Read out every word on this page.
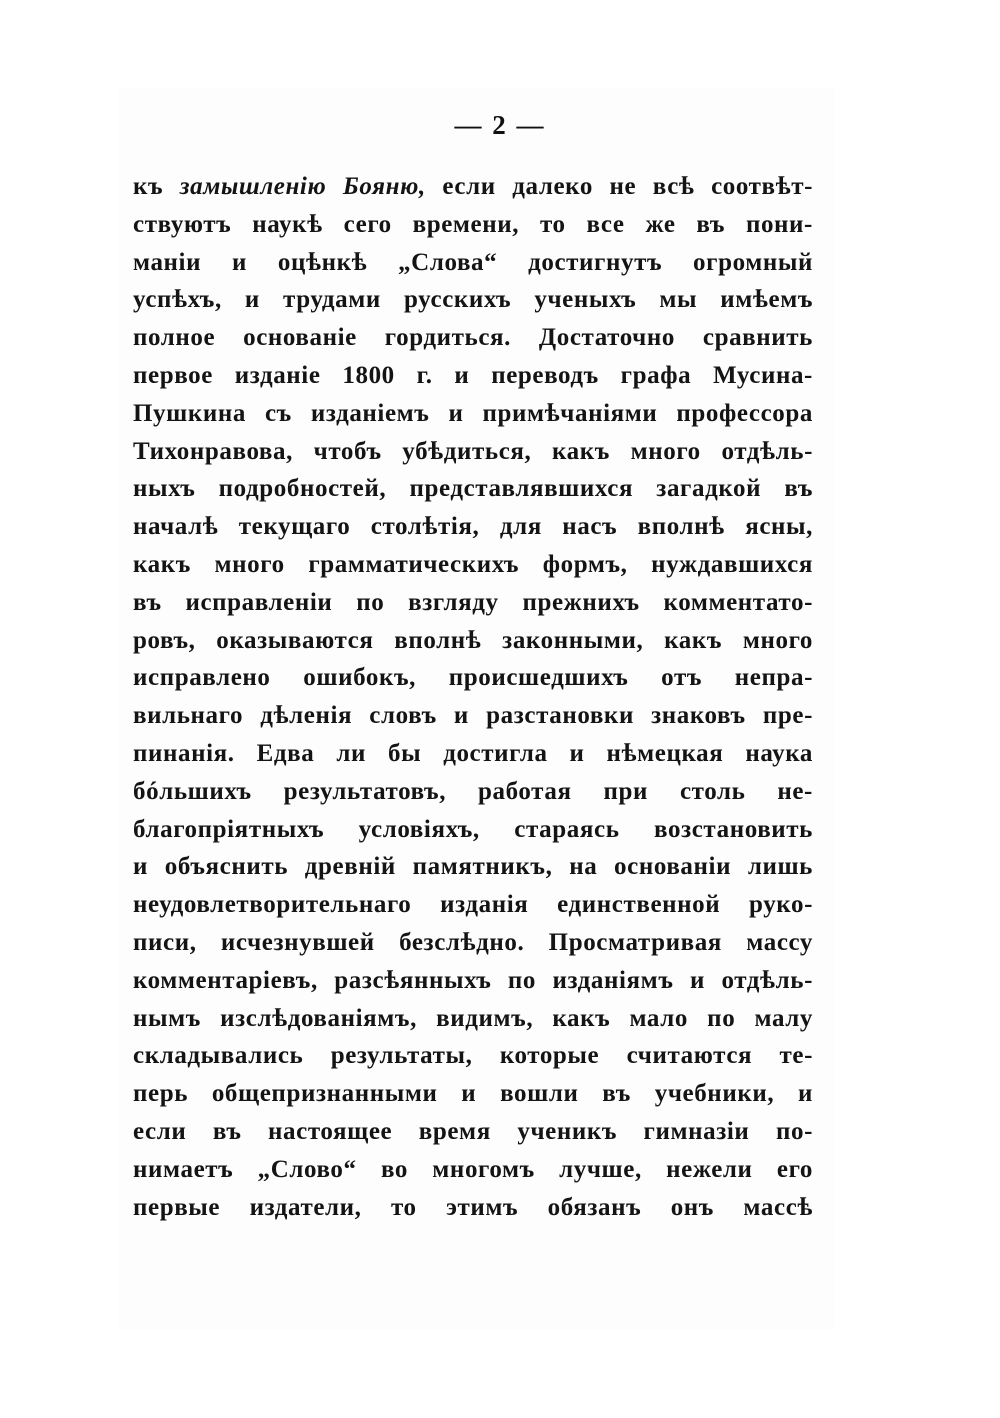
— 2 —
къ замышленiю Бояню, если далеко не всѣ соотвѣт-
ствуютъ наукѣ сего времени, то все же въ пони-
манiи и оцѣнкѣ „Слова“ достигнутъ огромный
успѣхъ, и трудами русскихъ ученыхъ мы имѣемъ
полное основанiе гордиться. Достаточно сравнить
первое изданiе 1800 г. и переводъ графа Мусина-
Пушкина съ изданiемъ и примѣчанiями профессора
Тихонравова, чтобъ убѣдиться, какъ много отдѣль-
ныхъ подробностей, представлявшихся загадкой въ
началѣ текущаго столѣтiя, для насъ вполнѣ ясны,
какъ много грамматическихъ формъ, нуждавшихся
въ исправленiи по взгляду прежнихъ комментато-
ровъ, оказываются вполнѣ законными, какъ много
исправлено ошибокъ, происшедшихъ отъ непра-
вильнаго дѣленiя словъ и разстановки знаковъ пре-
пинанiя. Едва ли бы достигла и нѣмецкая наука
бóльшихъ результатовъ, работая при столь не-
благопрiятныхъ условiяхъ, стараясь возстановить
и объяснить древнiй памятникъ, на основанiи лишь
неудовлетворительнаго изданiя единственной руко-
писи, исчезнувшей безслѣдно. Просматривая массу
комментарiевъ, разсѣянныхъ по изданiямъ и отдѣль-
нымъ изслѣдованiямъ, видимъ, какъ мало по малу
складывались результаты, которые считаются те-
перь общепризнанными и вошли въ учебники, и
если въ настоящее время ученикъ гимназiи по-
нимаетъ „Слово“ во многомъ лучше, нежели его
первые издатели, то этимъ обязанъ онъ массѣ
